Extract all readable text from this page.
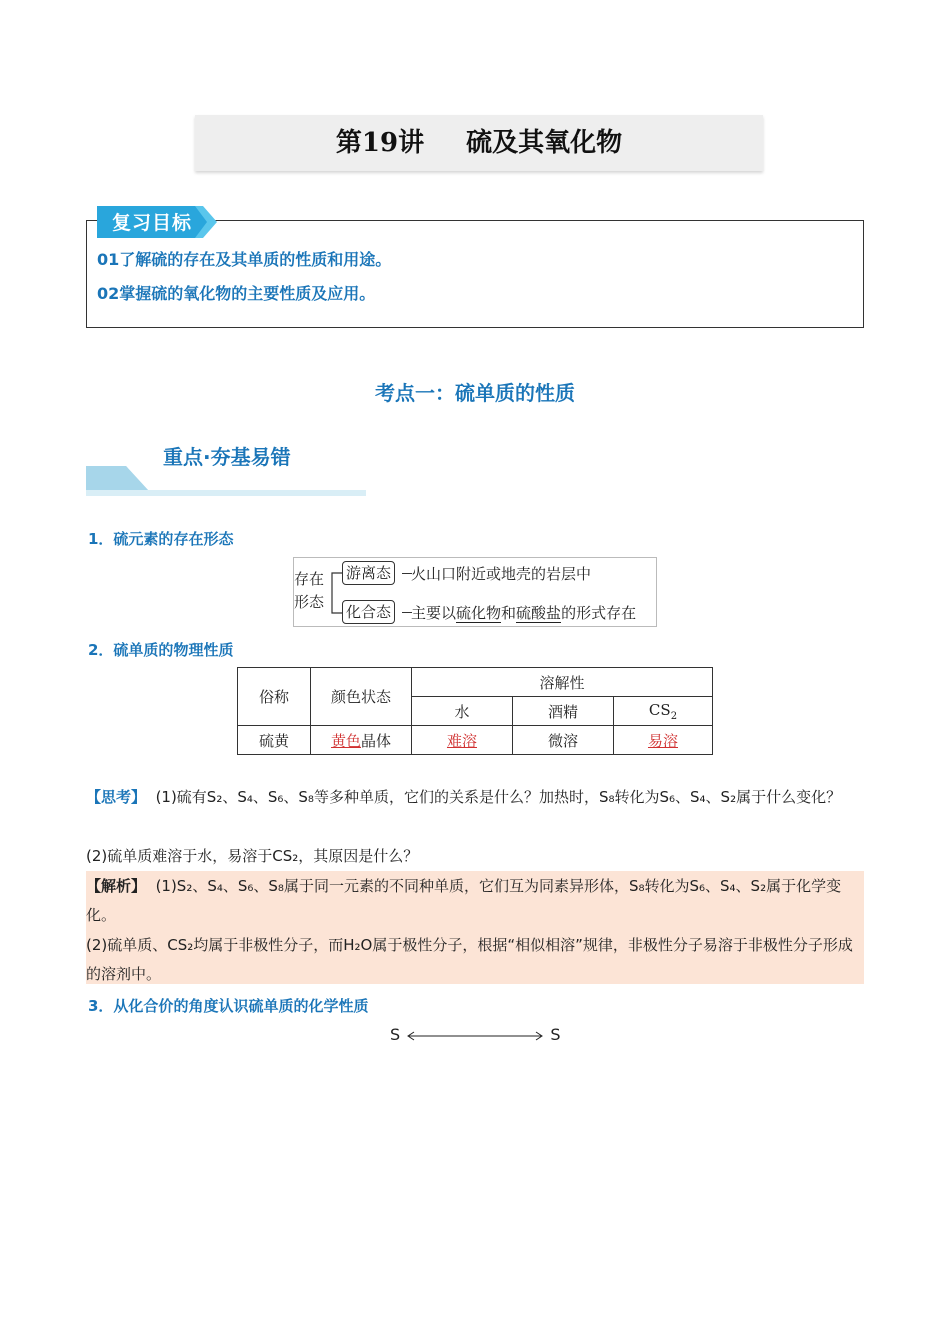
第19讲 硫及其氧化物
复习目标
01了解硫的存在及其单质的性质和用途。
02掌握硫的氧化物的主要性质及应用。
考点一：硫单质的性质
重点·夯基易错
1．硫元素的存在形态
存在
形态
游离态 火山口附近或地壳的岩层中
化合态 主要以硫化物和硫酸盐的形式存在
2．硫单质的物理性质
俗称	颜色状态	溶解性		
		水	酒精	$CS_2$
硫黄	黄色晶体	难溶	微溶	易溶
【思考】 (1)硫有S₂、S₄、S₆、S₈等多种单质，它们的关系是什么？加热时，S₈转化为S₆、S₄、S₂属于什么变化？
(2)硫单质难溶于水，易溶于CS₂，其原因是什么？
【解析】 (1)S₂、S₄、S₆、S₈属于同一元素的不同种单质，它们互为同素异形体，S₈转化为S₆、S₄、S₂属于化学变化。
(2)硫单质、CS₂均属于非极性分子，而H₂O属于极性分子，根据“相似相溶”规律，非极性分子易溶于非极性分子形成的溶剂中。
3．从化合价的角度认识硫单质的化学性质
S	S
